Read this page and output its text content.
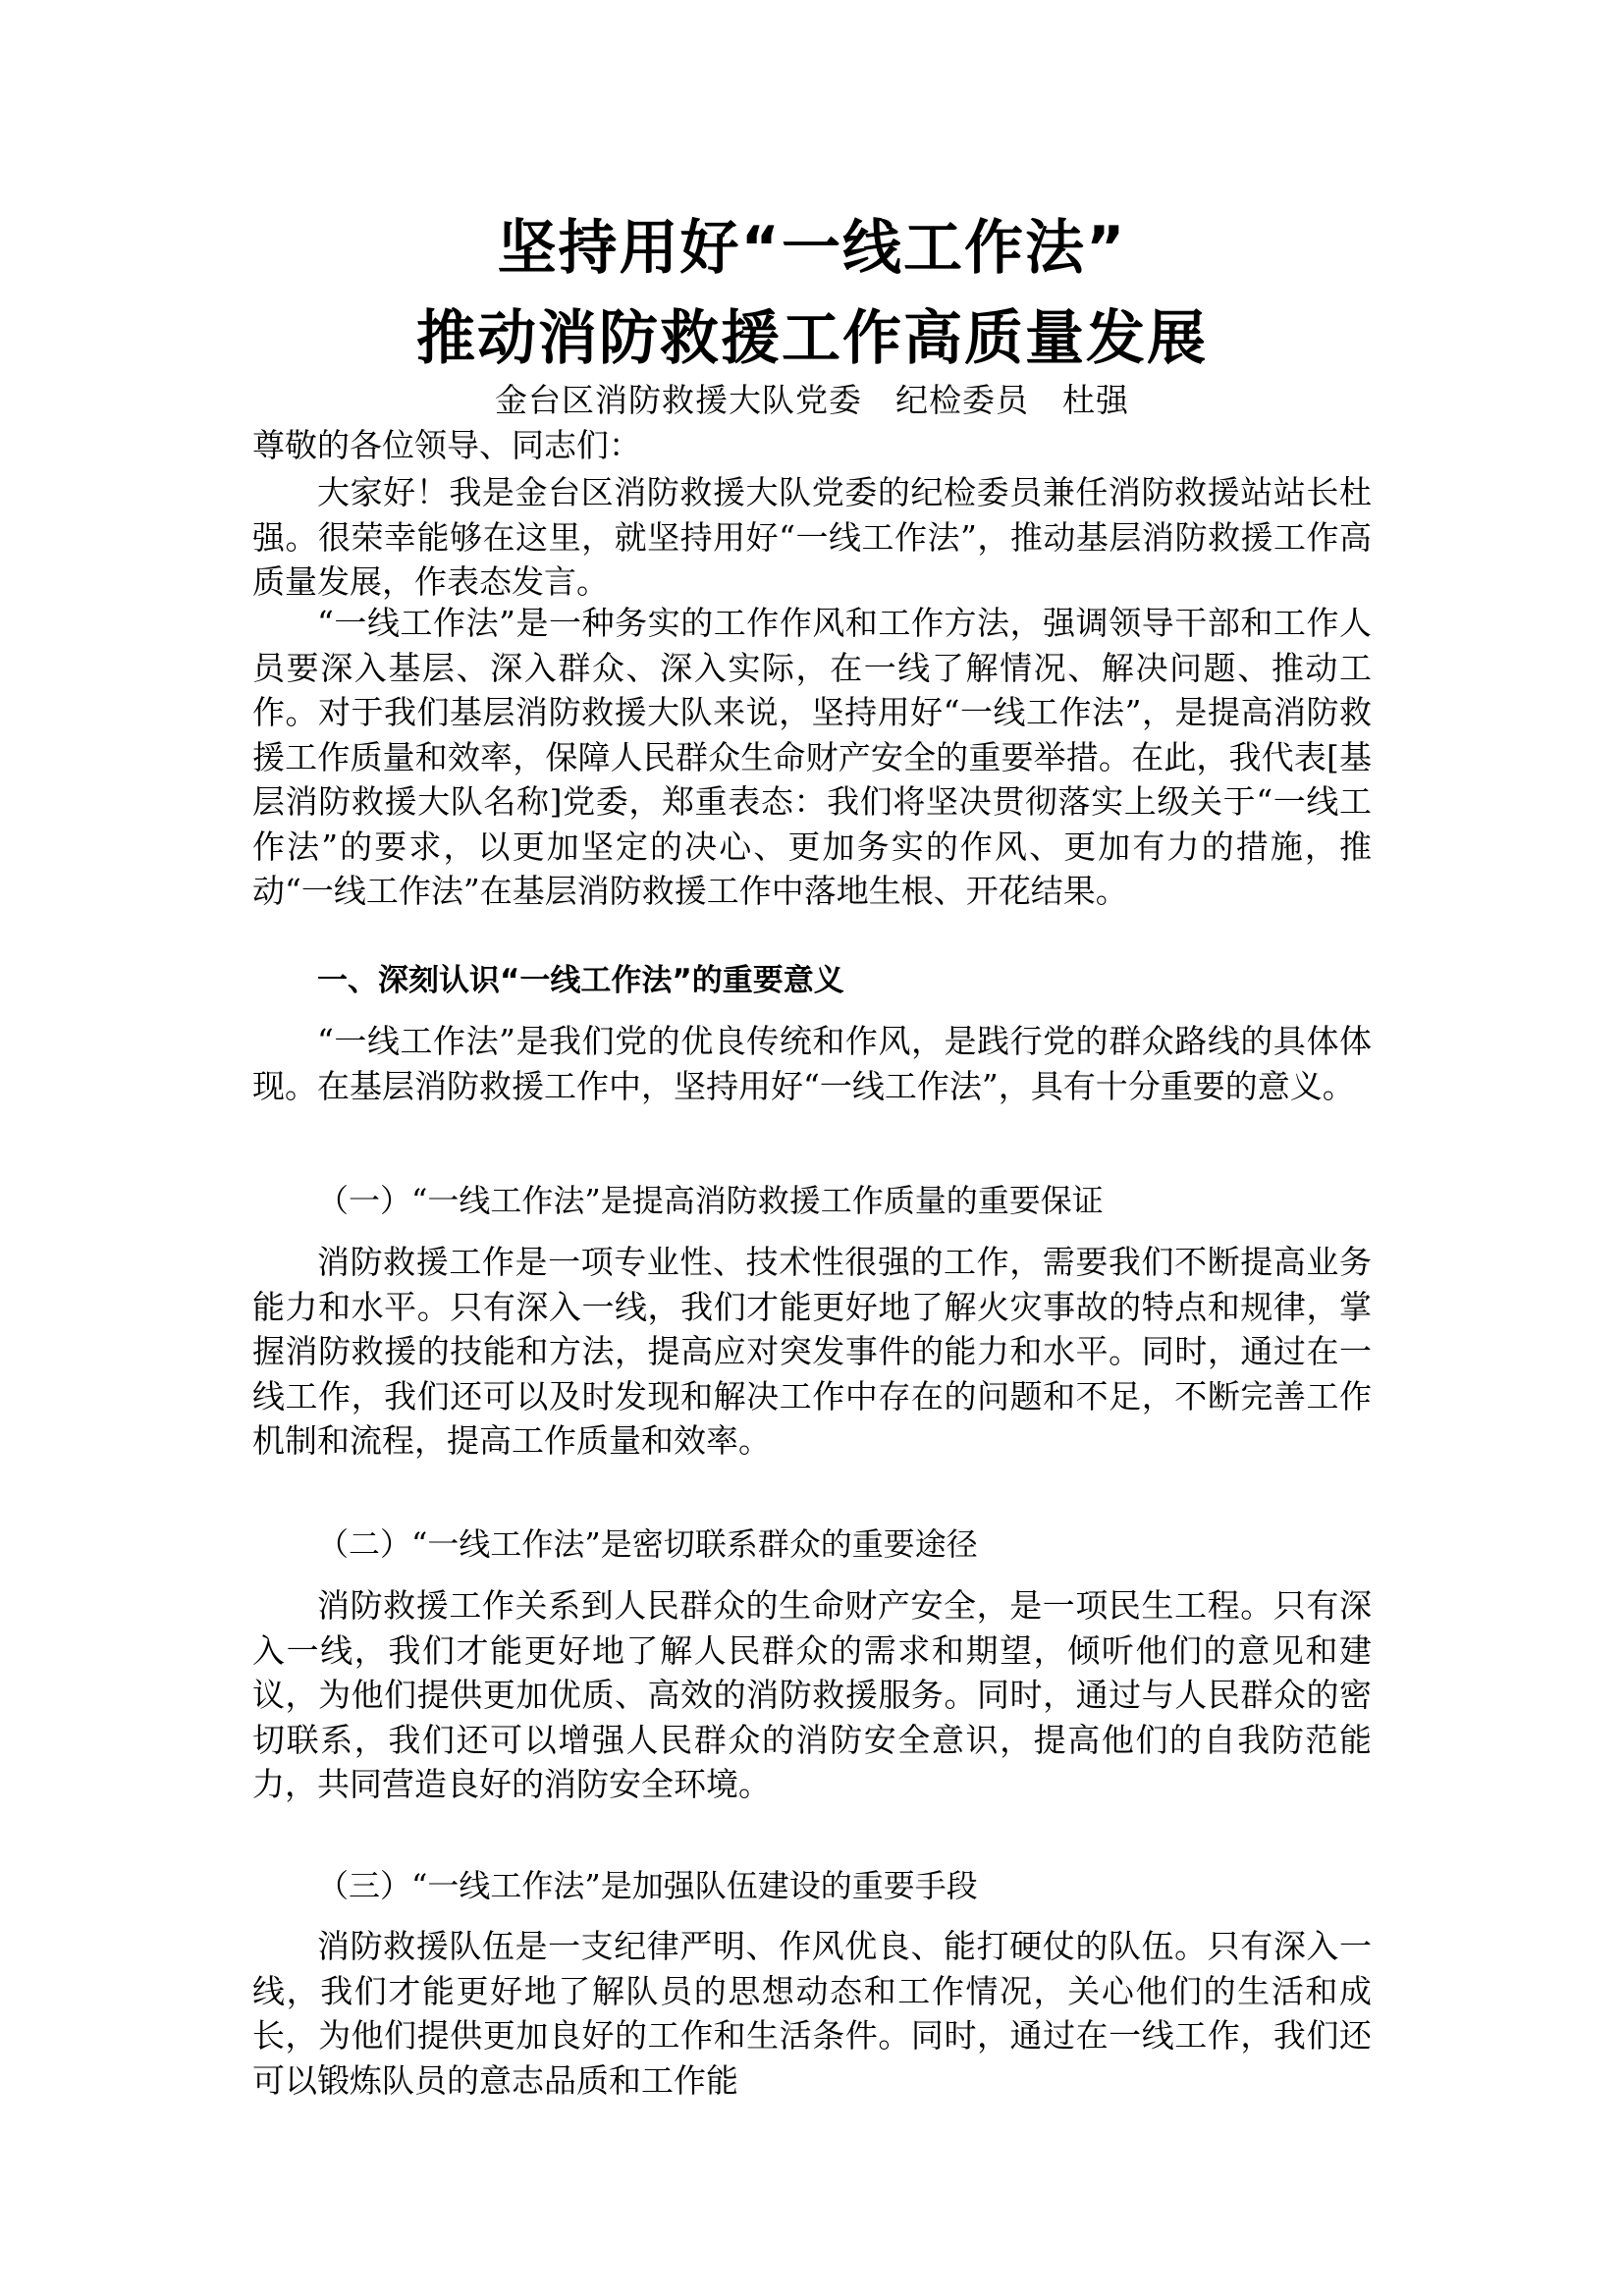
坚持用好“一线工作法”
推动消防救援工作高质量发展
金台区消防救援大队党委　纪检委员　杜强
尊敬的各位领导、同志们：

大家好！我是金台区消防救援大队党委的纪检委员兼任消防救援站站长杜强。很荣幸能够在这里，就坚持用好“一线工作法”，推动基层消防救援工作高质量发展，作表态发言。

“一线工作法”是一种务实的工作作风和工作方法，强调领导干部和工作人员要深入基层、深入群众、深入实际，在一线了解情况、解决问题、推动工作。对于我们基层消防救援大队来说，坚持用好“一线工作法”，是提高消防救援工作质量和效率，保障人民群众生命财产安全的重要举措。在此，我代表[基层消防救援大队名称]党委，郑重表态：我们将坚决贯彻落实上级关于“一线工作法”的要求，以更加坚定的决心、更加务实的作风、更加有力的措施，推动“一线工作法”在基层消防救援工作中落地生根、开花结果。

一、深刻认识“一线工作法”的重要意义

“一线工作法”是我们党的优良传统和作风，是践行党的群众路线的具体体现。在基层消防救援工作中，坚持用好“一线工作法”，具有十分重要的意义。

（一）“一线工作法”是提高消防救援工作质量的重要保证

消防救援工作是一项专业性、技术性很强的工作，需要我们不断提高业务能力和水平。只有深入一线，我们才能更好地了解火灾事故的特点和规律，掌握消防救援的技能和方法，提高应对突发事件的能力和水平。同时，通过在一线工作，我们还可以及时发现和解决工作中存在的问题和不足，不断完善工作机制和流程，提高工作质量和效率。

（二）“一线工作法”是密切联系群众的重要途径

消防救援工作关系到人民群众的生命财产安全，是一项民生工程。只有深入一线，我们才能更好地了解人民群众的需求和期望，倾听他们的意见和建议，为他们提供更加优质、高效的消防救援服务。同时，通过与人民群众的密切联系，我们还可以增强人民群众的消防安全意识，提高他们的自我防范能力，共同营造良好的消防安全环境。

（三）“一线工作法”是加强队伍建设的重要手段

消防救援队伍是一支纪律严明、作风优良、能打硬仗的队伍。只有深入一线，我们才能更好地了解队员的思想动态和工作情况，关心他们的生活和成长，为他们提供更加良好的工作和生活条件。同时，通过在一线工作，我们还可以锻炼队员的意志品质和工作能
